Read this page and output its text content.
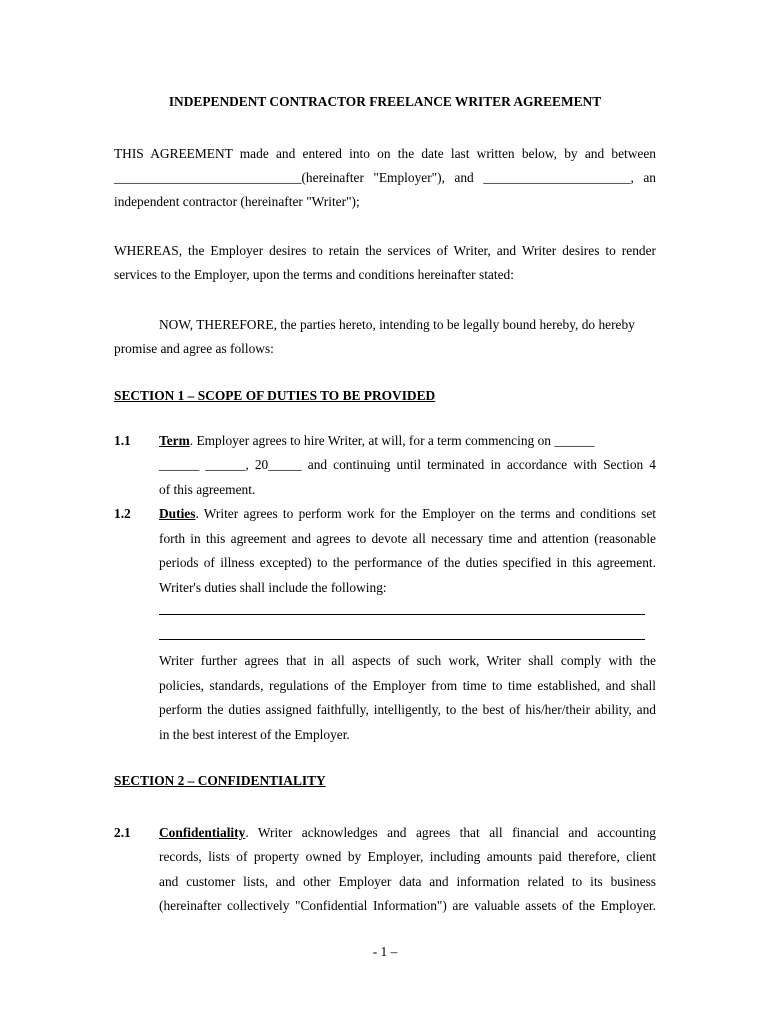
INDEPENDENT CONTRACTOR FREELANCE WRITER AGREEMENT

THIS AGREEMENT made and entered into on the date last written below, by and between

____________________________(hereinafter "Employer"), and ______________________, an

independent contractor (hereinafter "Writer");

WHEREAS, the Employer desires to retain the services of Writer, and Writer desires to render

services to the Employer, upon the terms and conditions hereinafter stated:

NOW, THEREFORE, the parties hereto, intending to be legally bound hereby, do hereby

promise and agree as follows:

SECTION 1 – SCOPE OF DUTIES TO BE PROVIDED

1.1 Term. Employer agrees to hire Writer, at will, for a term commencing on ______

______ ______, 20_____ and continuing until terminated in accordance with Section 4

of this agreement.

1.2 Duties. Writer agrees to perform work for the Employer on the terms and conditions set

forth in this agreement and agrees to devote all necessary time and attention (reasonable

periods of illness excepted) to the performance of the duties specified in this agreement.

Writer's duties shall include the following:

Writer further agrees that in all aspects of such work, Writer shall comply with the

policies, standards, regulations of the Employer from time to time established, and shall

perform the duties assigned faithfully, intelligently, to the best of his/her/their ability, and

in the best interest of the Employer.

SECTION 2 – CONFIDENTIALITY

2.1 Confidentiality. Writer acknowledges and agrees that all financial and accounting

records, lists of property owned by Employer, including amounts paid therefore, client

and customer lists, and other Employer data and information related to its business

(hereinafter collectively "Confidential Information") are valuable assets of the Employer.

- 1 –
